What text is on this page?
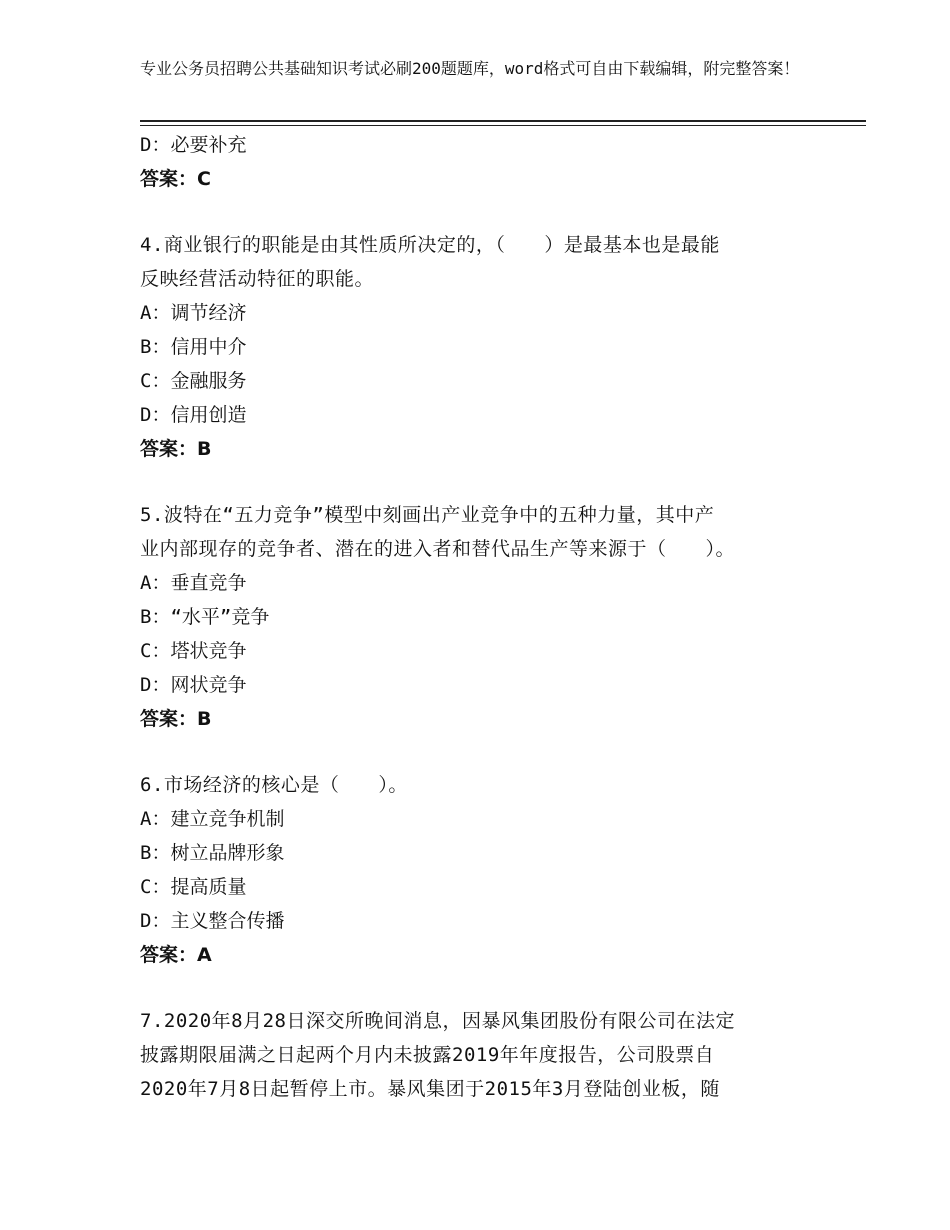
专业公务员招聘公共基础知识考试必刷200题题库，word格式可自由下载编辑，附完整答案！
D：必要补充
答案：C
4.商业银行的职能是由其性质所决定的，（　　）是最基本也是最能
反映经营活动特征的职能。
A：调节经济
B：信用中介
C：金融服务
D：信用创造
答案：B
5.波特在“五力竞争”模型中刻画出产业竞争中的五种力量，其中产
业内部现存的竞争者、潜在的进入者和替代品生产等来源于（　　）。
A：垂直竞争
B：“水平”竞争
C：塔状竞争
D：网状竞争
答案：B
6.市场经济的核心是（　　）。
A：建立竞争机制
B：树立品牌形象
C：提高质量
D：主义整合传播
答案：A
7.2020年8月28日深交所晚间消息，因暴风集团股份有限公司在法定
披露期限届满之日起两个月内未披露2019年年度报告，公司股票自
2020年7月8日起暂停上市。暴风集团于2015年3月登陆创业板，随
